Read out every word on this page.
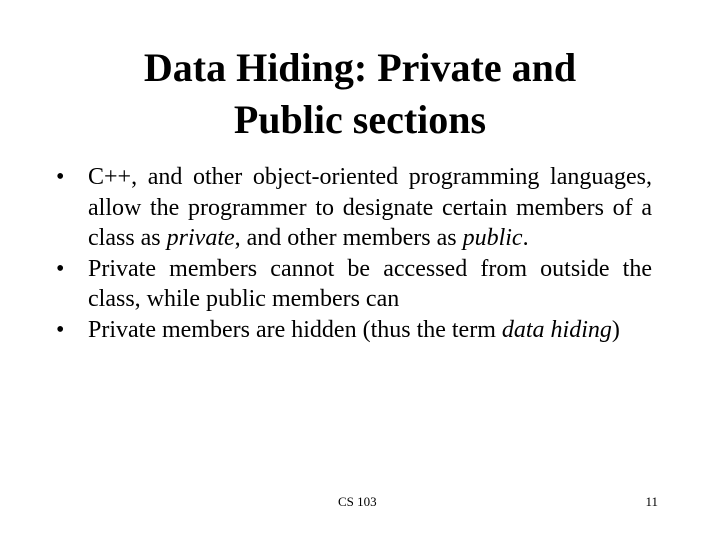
Data Hiding: Private and
Public sections
• C++, and other object-oriented programming languages, allow the programmer to designate certain members of a class as private, and other members as public.
• Private members cannot be accessed from outside the class, while public members can
• Private members are hidden (thus the term data hiding)
CS 103	11
